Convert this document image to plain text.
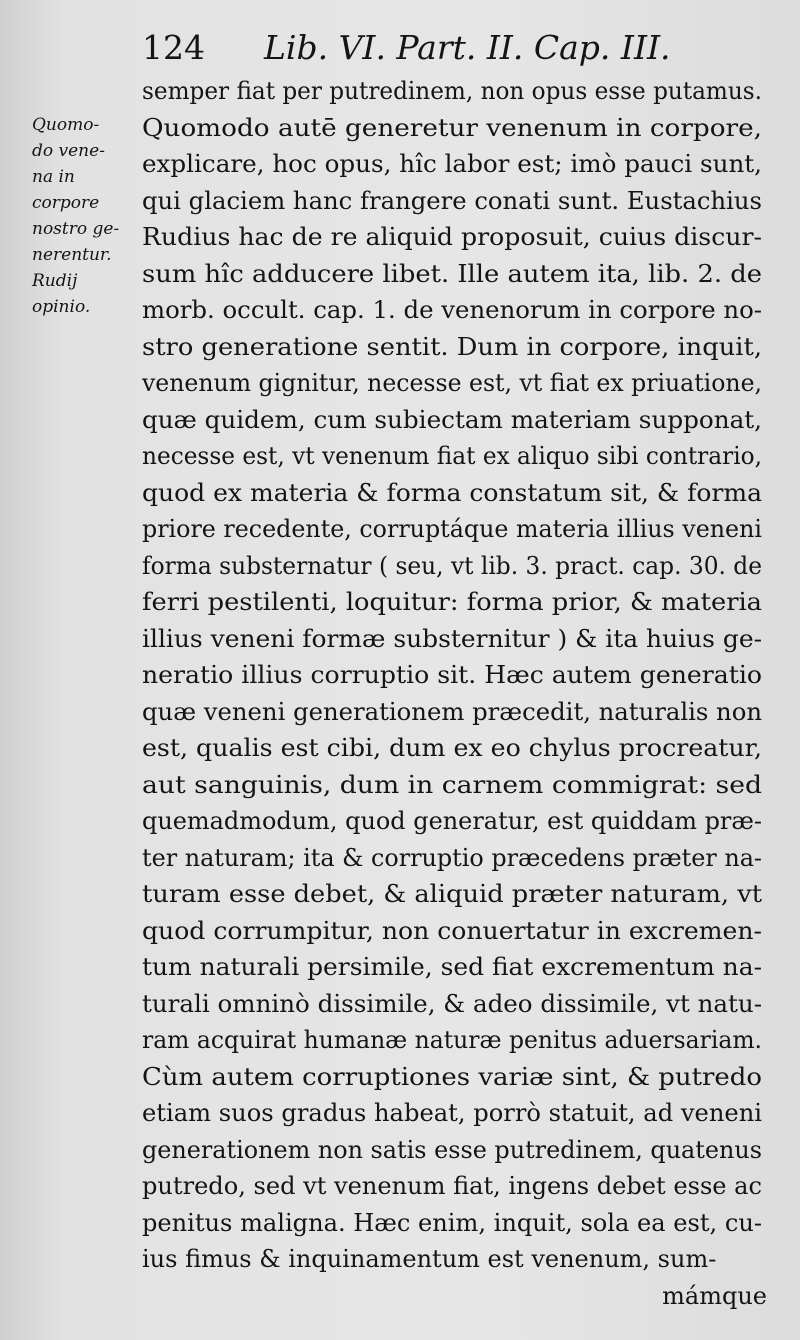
124 Lib. VI. Part. II. Cap. III.
Quomo-
do vene-
na in
corpore
nostro ge-
nerentur.
Rudij
opinio.
semper fiat per putredinem, non opus esse putamus.
Quomodo autē generetur venenum in corpore,
explicare, hoc opus, hîc labor est; imò pauci sunt,
qui glaciem hanc frangere conati sunt. Eustachius
Rudius hac de re aliquid proposuit, cuius discur-
sum hîc adducere libet. Ille autem ita, lib. 2. de
morb. occult. cap. 1. de venenorum in corpore no-
stro generatione sentit. Dum in corpore, inquit,
venenum gignitur, necesse est, vt fiat ex priuatione,
quæ quidem, cum subiectam materiam supponat,
necesse est, vt venenum fiat ex aliquo sibi contrario,
quod ex materia & forma constatum sit, & forma
priore recedente, corruptáque materia illius veneni
forma substernatur ( seu, vt lib. 3. pract. cap. 30. de
ferri pestilenti, loquitur: forma prior, & materia
illius veneni formæ substernitur ) & ita huius ge-
neratio illius corruptio sit. Hæc autem generatio
quæ veneni generationem præcedit, naturalis non
est, qualis est cibi, dum ex eo chylus procreatur,
aut sanguinis, dum in carnem commigrat: sed
quemadmodum, quod generatur, est quiddam præ-
ter naturam; ita & corruptio præcedens præter na-
turam esse debet, & aliquid præter naturam, vt
quod corrumpitur, non conuertatur in excremen-
tum naturali persimile, sed fiat excrementum na-
turali omninò dissimile, & adeo dissimile, vt natu-
ram acquirat humanæ naturæ penitus aduersariam.
Cùm autem corruptiones variæ sint, & putredo
etiam suos gradus habeat, porrò statuit, ad veneni
generationem non satis esse putredinem, quatenus
putredo, sed vt venenum fiat, ingens debet esse ac
penitus maligna. Hæc enim, inquit, sola ea est, cu-
ius fimus & inquinamentum est venenum, sum-
mámque
